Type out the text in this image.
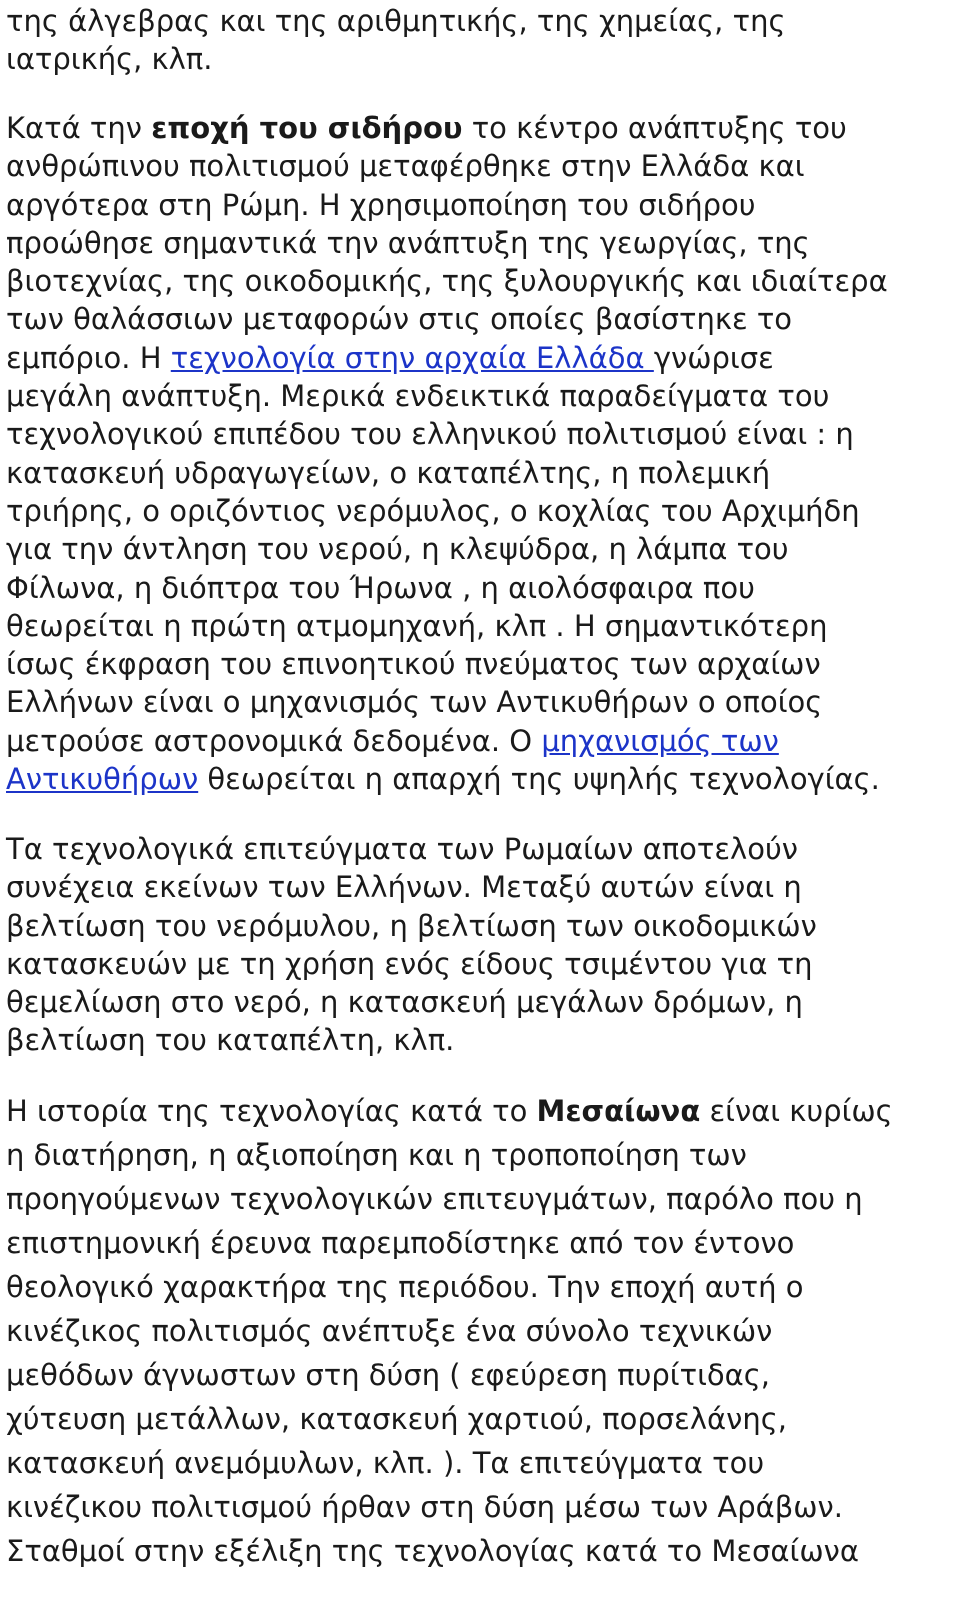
της άλγεβρας και της αριθμητικής, της χημείας, της
ιατρικής, κλπ.

Κατά την εποχή του σιδήρου το κέντρο ανάπτυξης του
ανθρώπινου πολιτισμού μεταφέρθηκε στην Ελλάδα και
αργότερα στη Ρώμη. Η χρησιμοποίηση του σιδήρου
προώθησε σημαντικά την ανάπτυξη της γεωργίας, της
βιοτεχνίας, της οικοδομικής, της ξυλουργικής και ιδιαίτερα
των θαλάσσιων μεταφορών στις οποίες βασίστηκε το
εμπόριο. Η τεχνολογία στην αρχαία Ελλάδα γνώρισε
μεγάλη ανάπτυξη. Μερικά ενδεικτικά παραδείγματα του
τεχνολογικού επιπέδου του ελληνικού πολιτισμού είναι : η
κατασκευή υδραγωγείων, ο καταπέλτης, η πολεμική
τριήρης, ο οριζόντιος νερόμυλος, ο κοχλίας του Αρχιμήδη
για την άντληση του νερού, η κλεψύδρα, η λάμπα του
Φίλωνα, η διόπτρα του Ήρωνα , η αιολόσφαιρα που
θεωρείται η πρώτη ατμομηχανή, κλπ . Η σημαντικότερη
ίσως έκφραση του επινοητικού πνεύματος των αρχαίων
Ελλήνων είναι ο μηχανισμός των Αντικυθήρων ο οποίος
μετρούσε αστρονομικά δεδομένα. Ο μηχανισμός των
Αντικυθήρων θεωρείται η απαρχή της υψηλής τεχνολογίας.

Τα τεχνολογικά επιτεύγματα των Ρωμαίων αποτελούν
συνέχεια εκείνων των Ελλήνων. Μεταξύ αυτών είναι η
βελτίωση του νερόμυλου, η βελτίωση των οικοδομικών
κατασκευών με τη χρήση ενός είδους τσιμέντου για τη
θεμελίωση στο νερό, η κατασκευή μεγάλων δρόμων, η
βελτίωση του καταπέλτη, κλπ.

Η ιστορία της τεχνολογίας κατά το Μεσαίωνα είναι κυρίως
η διατήρηση, η αξιοποίηση και η τροποποίηση των
προηγούμενων τεχνολογικών επιτευγμάτων, παρόλο που η
επιστημονική έρευνα παρεμποδίστηκε από τον έντονο
θεολογικό χαρακτήρα της περιόδου. Την εποχή αυτή ο
κινέζικος πολιτισμός ανέπτυξε ένα σύνολο τεχνικών
μεθόδων άγνωστων στη δύση ( εφεύρεση πυρίτιδας,
χύτευση μετάλλων, κατασκευή χαρτιού, πορσελάνης,
κατασκευή ανεμόμυλων, κλπ. ). Τα επιτεύγματα του
κινέζικου πολιτισμού ήρθαν στη δύση μέσω των Αράβων.
Σταθμοί στην εξέλιξη της τεχνολογίας κατά το Μεσαίωνα
